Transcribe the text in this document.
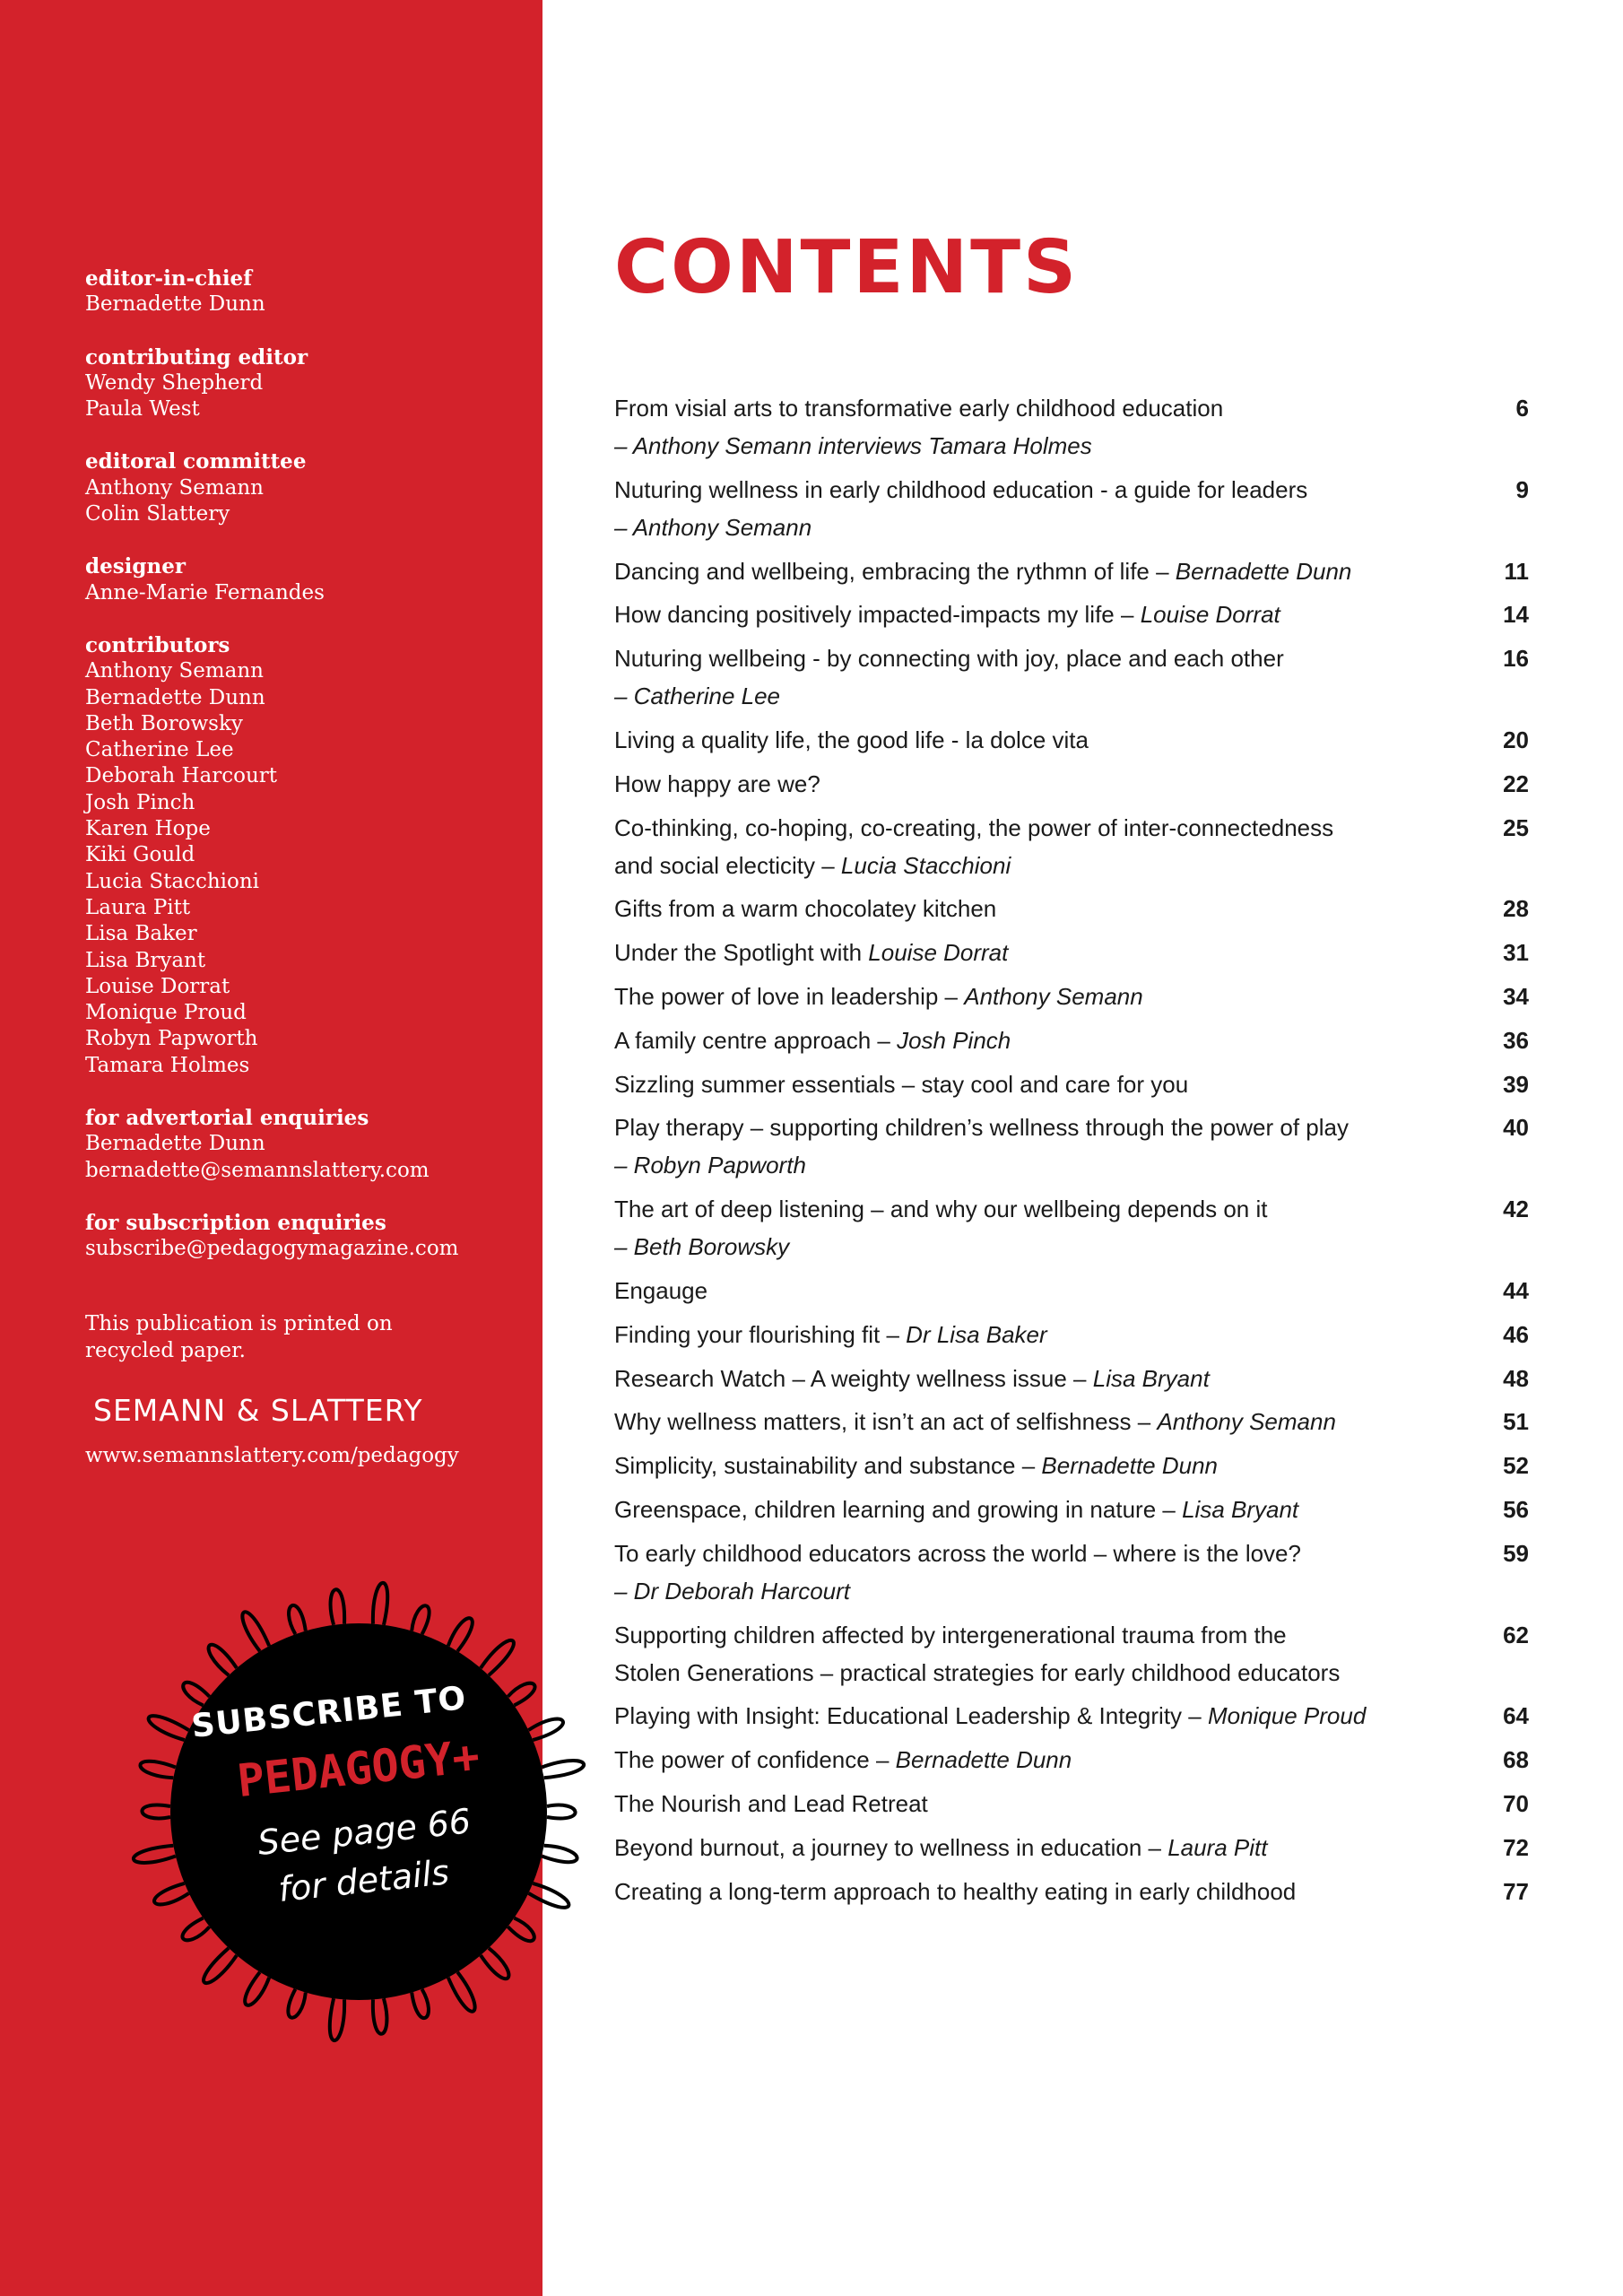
editor-in-chief
Bernadette Dunn
contributing editor
Wendy Shepherd
Paula West
editoral committee
Anthony Semann
Colin Slattery
designer
Anne-Marie Fernandes
contributors
Anthony Semann
Bernadette Dunn
Beth Borowsky
Catherine Lee
Deborah Harcourt
Josh Pinch
Karen Hope
Kiki Gould
Lucia Stacchioni
Laura Pitt
Lisa Baker
Lisa Bryant
Louise Dorrat
Monique Proud
Robyn Papworth
Tamara Holmes
for advertorial enquiries
Bernadette Dunn
bernadette@semannslattery.com
for subscription enquiries
subscribe@pedagogymagazine.com
This publication is printed on
recycled paper.
SEMANN & SLATTERY
www.semannslattery.com/pedagogy
SUBSCRIBE TO
PEDAGOGY+
See page 66
for details
CONTENTS
From visial arts to transformative early childhood education
– Anthony Semann interviews Tamara Holmes
6
Nuturing wellness in early childhood education - a guide for leaders
– Anthony Semann
9
Dancing and wellbeing, embracing the rythmn of life – Bernadette Dunn	11
How dancing positively impacted-impacts my life – Louise Dorrat	14
Nuturing wellbeing - by connecting with joy, place and each other
– Catherine Lee
16
Living a quality life, the good life - la dolce vita	20
How happy are we?	22
Co-thinking, co-hoping, co-creating, the power of inter-connectedness
and social electicity – Lucia Stacchioni
25
Gifts from a warm chocolatey kitchen	28
Under the Spotlight with Louise Dorrat	31
The power of love in leadership – Anthony Semann	34
A family centre approach – Josh Pinch	36
Sizzling summer essentials – stay cool and care for you	39
Play therapy – supporting children’s wellness through the power of play
– Robyn Papworth
40
The art of deep listening – and why our wellbeing depends on it
– Beth Borowsky
42
Engauge	44
Finding your flourishing fit – Dr Lisa Baker	46
Research Watch – A weighty wellness issue – Lisa Bryant	48
Why wellness matters, it isn’t an act of selfishness – Anthony Semann	51
Simplicity, sustainability and substance – Bernadette Dunn	52
Greenspace, children learning and growing in nature – Lisa Bryant	56
To early childhood educators across the world – where is the love?
– Dr Deborah Harcourt
59
Supporting children affected by intergenerational trauma from the
Stolen Generations – practical strategies for early childhood educators
62
Playing with Insight: Educational Leadership & Integrity – Monique Proud	64
The power of confidence – Bernadette Dunn	68
The Nourish and Lead Retreat	70
Beyond burnout, a journey to wellness in education – Laura Pitt	72
Creating a long-term approach to healthy eating in early childhood	77
